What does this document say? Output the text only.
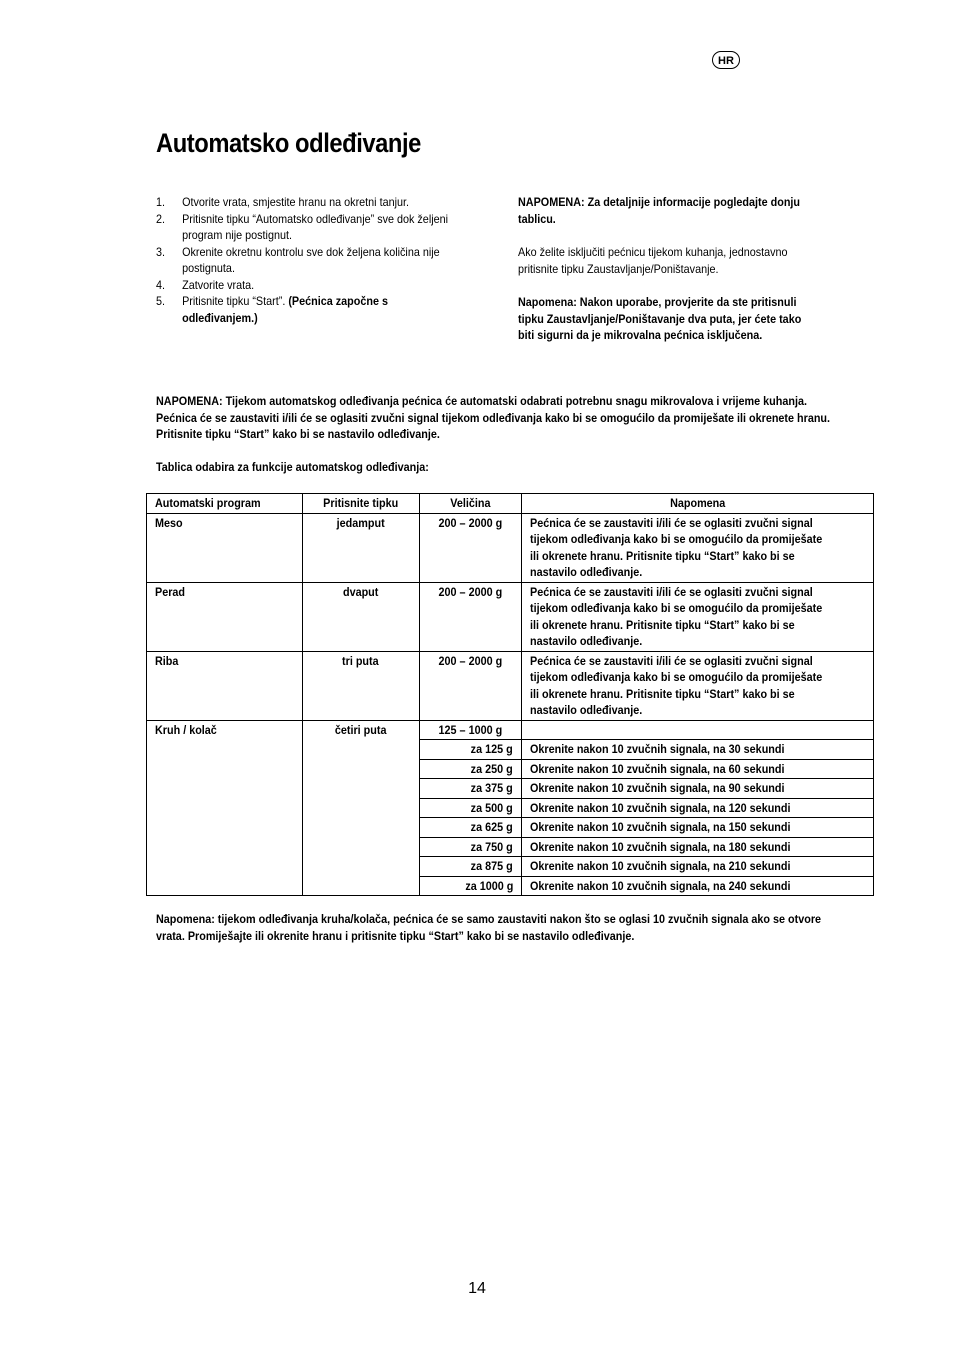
HR
Automatsko odleđivanje
1.	Otvorite vrata, smjestite hranu na okretni tanjur.
2.	Pritisnite tipku “Automatsko odleđivanje” sve dok željeni program nije postignut.
3.	Okrenite okretnu kontrolu sve dok željena količina nije postignuta.
4.	Zatvorite vrata.
5.	Pritisnite tipku “Start”. (Pećnica započne s odleđivanjem.)

NAPOMENA: Za detaljnije informacije pogledajte donju tablicu.

Ako želite isključiti pećnicu tijekom kuhanja, jednostavno pritisnite tipku Zaustavljanje/Poništavanje.

Napomena: Nakon uporabe, provjerite da ste pritisnuli tipku Zaustavljanje/Poništavanje dva puta, jer ćete tako biti sigurni da je mikrovalna pećnica isključena.

NAPOMENA: Tijekom automatskog odleđivanja pećnica će automatski odabrati potrebnu snagu mikrovalova i vrijeme kuhanja. Pećnica će se zaustaviti i/ili će se oglasiti zvučni signal tijekom odleđivanja kako bi se omogućilo da promiješate ili okrenete hranu. Pritisnite tipku “Start” kako bi se nastavilo odleđivanje.

Tablica odabira za funkcije automatskog odleđivanja:
Automatski program	Pritisnite tipku	Veličina	Napomena
Meso	jedamput	200 – 2000 g	Pećnica će se zaustaviti i/ili će se oglasiti zvučni signal tijekom odleđivanja kako bi se omogućilo da promiješate ili okrenete hranu. Pritisnite tipku “Start” kako bi se nastavilo odleđivanje.

Perad	dvaput	200 – 2000 g	Pećnica će se zaustaviti i/ili će se oglasiti zvučni signal tijekom odleđivanja kako bi se omogućilo da promiješate ili okrenete hranu. Pritisnite tipku “Start” kako bi se nastavilo odleđivanje.

Riba	tri puta	200 – 2000 g	Pećnica će se zaustaviti i/ili će se oglasiti zvučni signal tijekom odleđivanja kako bi se omogućilo da promiješate ili okrenete hranu. Pritisnite tipku “Start” kako bi se nastavilo odleđivanje.

Kruh / kolač	četiri puta	125 – 1000 g	
		za 125 g	Okrenite nakon 10 zvučnih signala, na 30 sekundi
		za 250 g	Okrenite nakon 10 zvučnih signala, na 60 sekundi
		za 375 g	Okrenite nakon 10 zvučnih signala, na 90 sekundi
		za 500 g	Okrenite nakon 10 zvučnih signala, na 120 sekundi
		za 625 g	Okrenite nakon 10 zvučnih signala, na 150 sekundi
		za 750 g	Okrenite nakon 10 zvučnih signala, na 180 sekundi
		za 875 g	Okrenite nakon 10 zvučnih signala, na 210 sekundi
		za 1000 g	Okrenite nakon 10 zvučnih signala, na 240 sekundi
Napomena: tijekom odleđivanja kruha/kolača, pećnica će se samo zaustaviti nakon što se oglasi 10 zvučnih signala ako se otvore vrata. Promiješajte ili okrenite hranu i pritisnite tipku “Start” kako bi se nastavilo odleđivanje.
14
